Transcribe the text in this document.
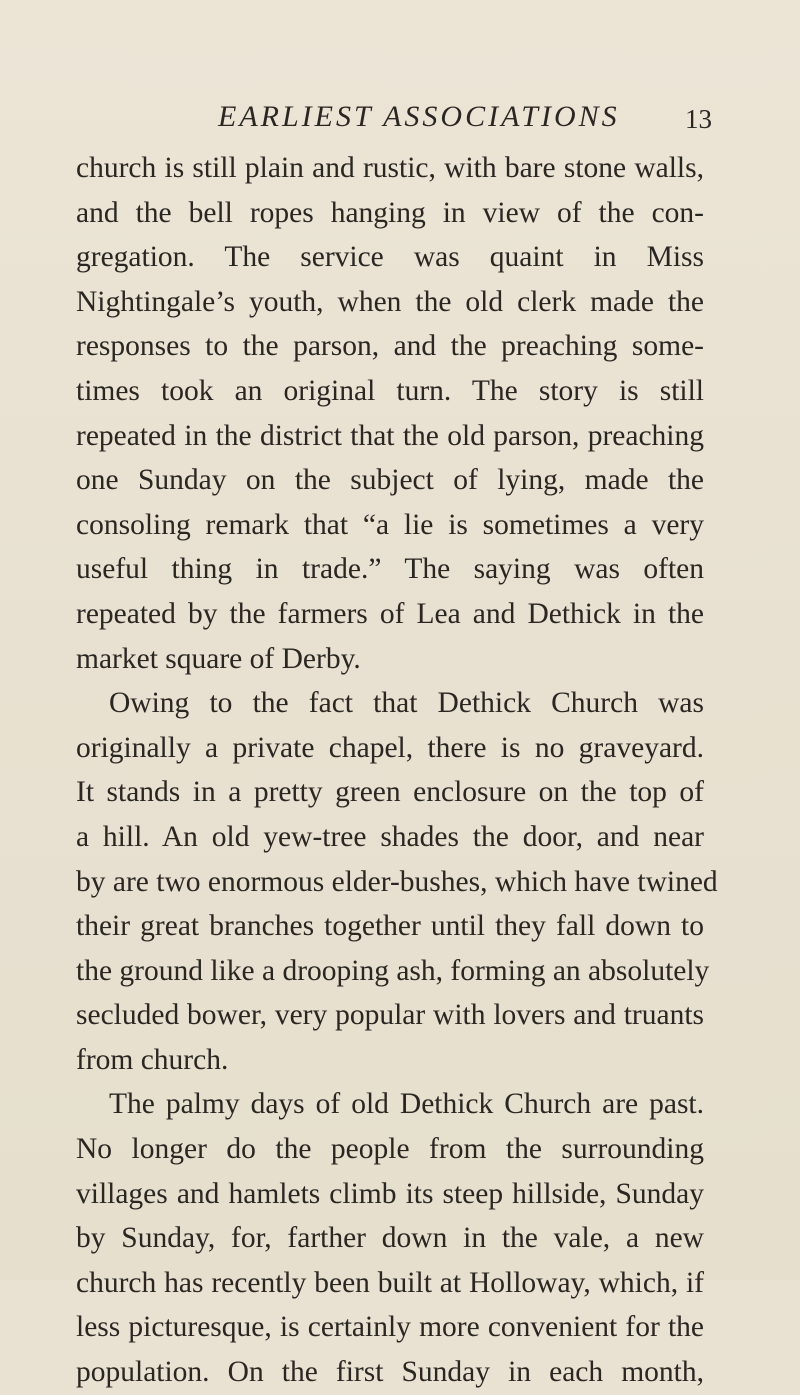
EARLIEST ASSOCIATIONS 13
church is still plain and rustic, with bare stone walls,
and the bell ropes hanging in view of the con-
gregation. The service was quaint in Miss
Nightingale’s youth, when the old clerk made the
responses to the parson, and the preaching some-
times took an original turn. The story is still
repeated in the district that the old parson, preaching
one Sunday on the subject of lying, made the
consoling remark that “a lie is sometimes a very
useful thing in trade.” The saying was often
repeated by the farmers of Lea and Dethick in the
market square of Derby.
Owing to the fact that Dethick Church was
originally a private chapel, there is no graveyard.
It stands in a pretty green enclosure on the top of
a hill. An old yew-tree shades the door, and near
by are two enormous elder-bushes, which have twined
their great branches together until they fall down to
the ground like a drooping ash, forming an absolutely
secluded bower, very popular with lovers and truants
from church.
The palmy days of old Dethick Church are past.
No longer do the people from the surrounding
villages and hamlets climb its steep hillside, Sunday
by Sunday, for, farther down in the vale, a new
church has recently been built at Holloway, which, if
less picturesque, is certainly more convenient for the
population. On the first Sunday in each month,
